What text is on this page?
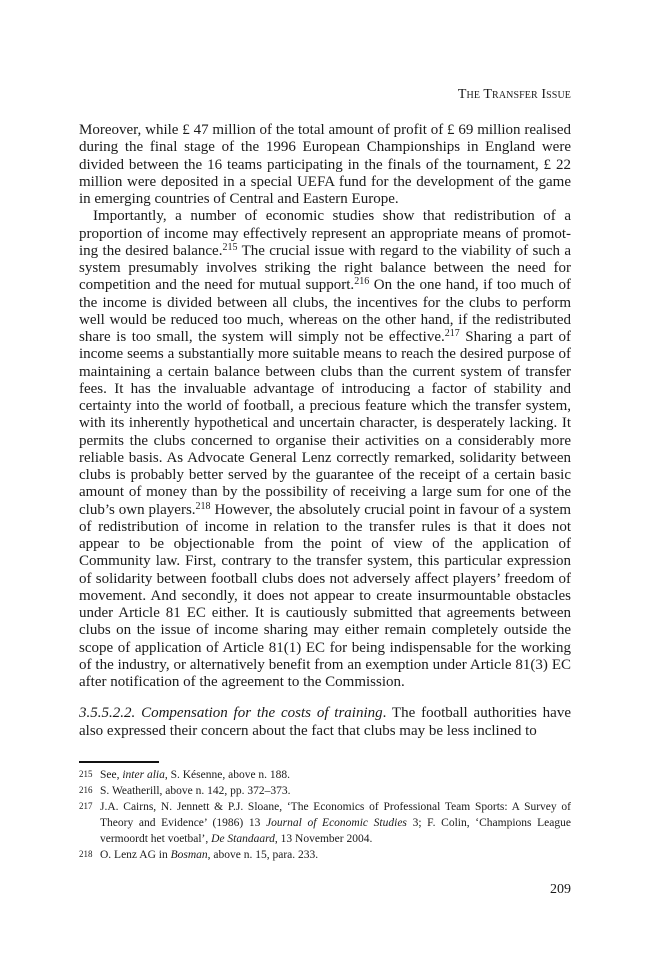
The Transfer Issue

Moreover, while £ 47 million of the total amount of profit of £ 69 million realised during the final stage of the 1996 European Championships in England were divided between the 16 teams participating in the finals of the tournament, £ 22 million were deposited in a special UEFA fund for the development of the game in emerging countries of Central and Eastern Europe.

Importantly, a number of economic studies show that redistribution of a proportion of income may effectively represent an appropriate means of promoting the desired balance.$^{215}$ The crucial issue with regard to the viability of such a system presumably involves striking the right balance between the need for competition and the need for mutual support.$^{216}$ On the one hand, if too much of the income is divided between all clubs, the incentives for the clubs to perform well would be reduced too much, whereas on the other hand, if the redistributed share is too small, the system will simply not be effective.$^{217}$ Sharing a part of income seems a substantially more suitable means to reach the desired purpose of maintaining a certain balance between clubs than the current system of transfer fees. It has the invaluable advantage of introducing a factor of stability and certainty into the world of football, a precious feature which the transfer system, with its inherently hypothetical and uncertain character, is desperately lacking. It permits the clubs concerned to organise their activities on a considerably more reliable basis. As Advocate General Lenz correctly remarked, solidarity between clubs is probably better served by the guarantee of the receipt of a certain basic amount of money than by the possibility of receiving a large sum for one of the club’s own players.$^{218}$ However, the absolutely crucial point in favour of a system of redistribution of income in relation to the transfer rules is that it does not appear to be objectionable from the point of view of the application of Community law. First, contrary to the transfer system, this particular expression of solidarity between football clubs does not adversely affect players’ freedom of movement. And secondly, it does not appear to create insurmountable obstacles under Article 81 EC either. It is cautiously submitted that agreements between clubs on the issue of income sharing may either remain completely outside the scope of application of Article 81(1) EC for being indispensable for the working of the industry, or alternatively benefit from an exemption under Article 81(3) EC after notification of the agreement to the Commission.

3.5.5.2.2. Compensation for the costs of training. The football authorities have also expressed their concern about the fact that clubs may be less inclined to

215 See, inter alia, S. Késenne, above n. 188.

216 S. Weatherill, above n. 142, pp. 372–373.

217 J.A. Cairns, N. Jennett & P.J. Sloane, ‘The Economics of Professional Team Sports: A Survey of Theory and Evidence’ (1986) 13 Journal of Economic Studies 3; F. Colin, ‘Champions League vermoordt het voetbal’, De Standaard, 13 November 2004.

218 O. Lenz AG in Bosman, above n. 15, para. 233.

209
